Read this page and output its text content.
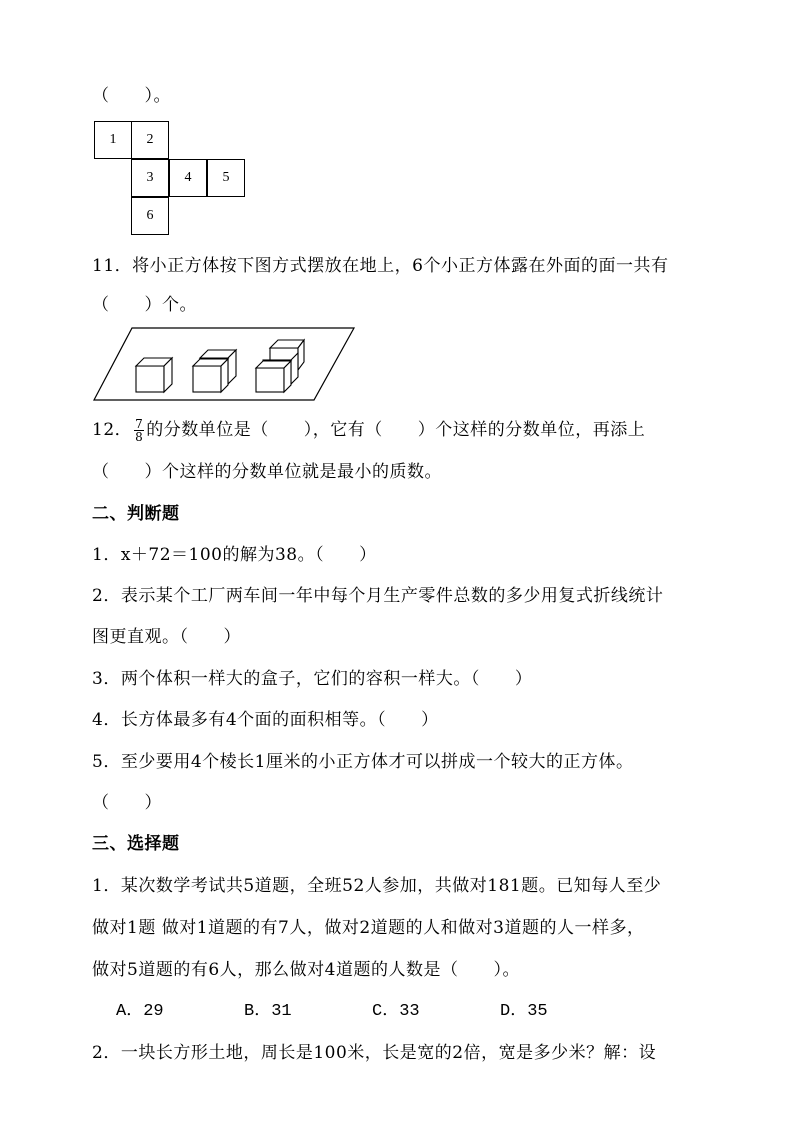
（　　）。
1	2
3	4	5
6
11．将小正方体按下图方式摆放在地上，6个小正方体露在外面的面一共有
（　　）个。
12． $\frac{7}{8}$ 的分数单位是（　　），它有（　　）个这样的分数单位，再添上
（　　）个这样的分数单位就是最小的质数。
二、判断题
1．x＋72＝100的解为38。（　　）
2．表示某个工厂两车间一年中每个月生产零件总数的多少用复式折线统计
图更直观。（　　）
3．两个体积一样大的盒子，它们的容积一样大。（　　）
4．长方体最多有4个面的面积相等。（　　）
5．至少要用4个棱长1厘米的小正方体才可以拼成一个较大的正方体。
（　　）
三、选择题
1．某次数学考试共5道题，全班52人参加，共做对181题。已知每人至少
做对1题 做对1道题的有7人，做对2道题的人和做对3道题的人一样多，
做对5道题的有6人，那么做对4道题的人数是（　　）。
A．29	B．31	C．33	D．35
2．一块长方形土地，周长是100米，长是宽的2倍，宽是多少米？解：设
